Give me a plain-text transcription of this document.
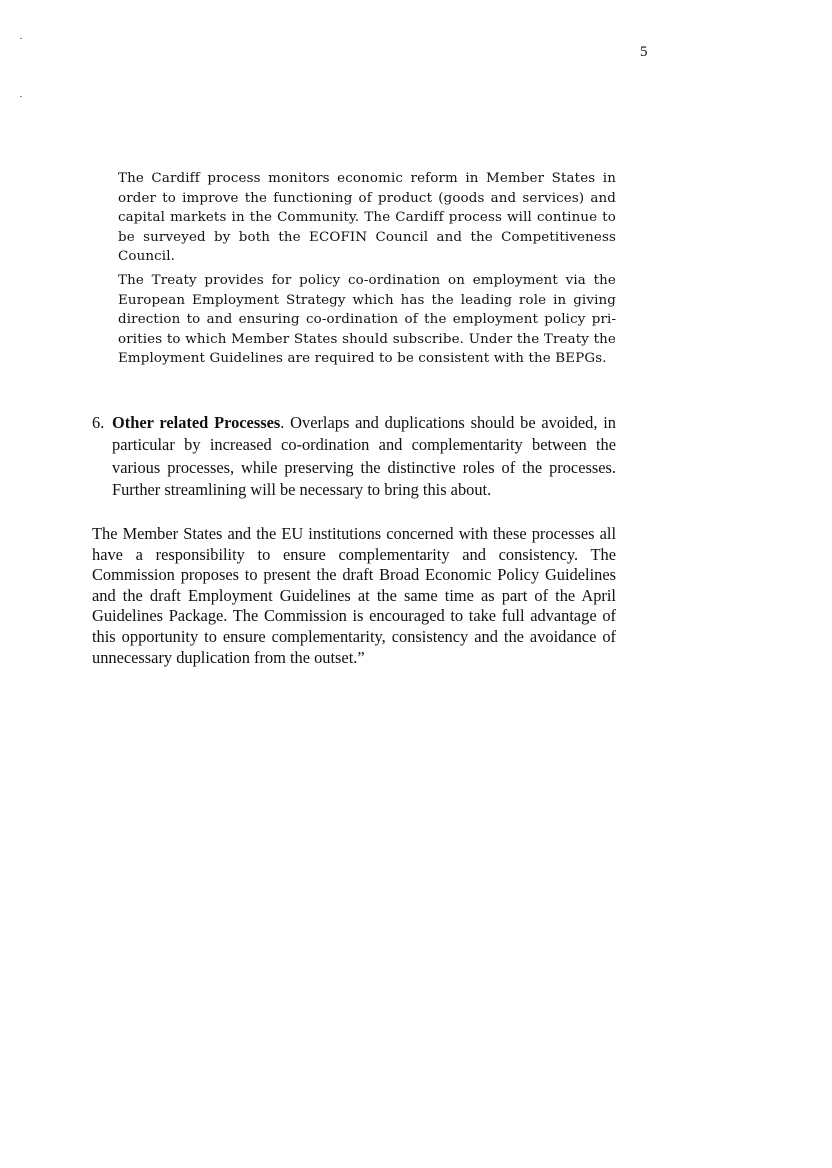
5

The Cardiff process monitors economic reform in Member States in order to improve the functioning of product (goods and services) and capital markets in the Community. The Cardiff process will continue to be surveyed by both the ECOFIN Council and the Competitiveness Council.

The Treaty provides for policy co-ordination on employment via the European Employment Strategy which has the leading role in giving direction to and ensuring co-ordination of the employment policy priorities to which Member States should subscribe. Under the Treaty the Employment Guidelines are required to be consistent with the BEPGs.

6. Other related Processes. Overlaps and duplications should be avoided, in particular by increased co-ordination and complementarity between the various processes, while preserving the distinctive roles of the processes. Further streamlining will be necessary to bring this about.

The Member States and the EU institutions concerned with these processes all have a responsibility to ensure complementarity and consistency. The Commission proposes to present the draft Broad Economic Policy Guidelines and the draft Employment Guidelines at the same time as part of the April Guidelines Package. The Commission is encouraged to take full advantage of this opportunity to ensure complementarity, consistency and the avoidance of unnecessary duplication from the outset.”
